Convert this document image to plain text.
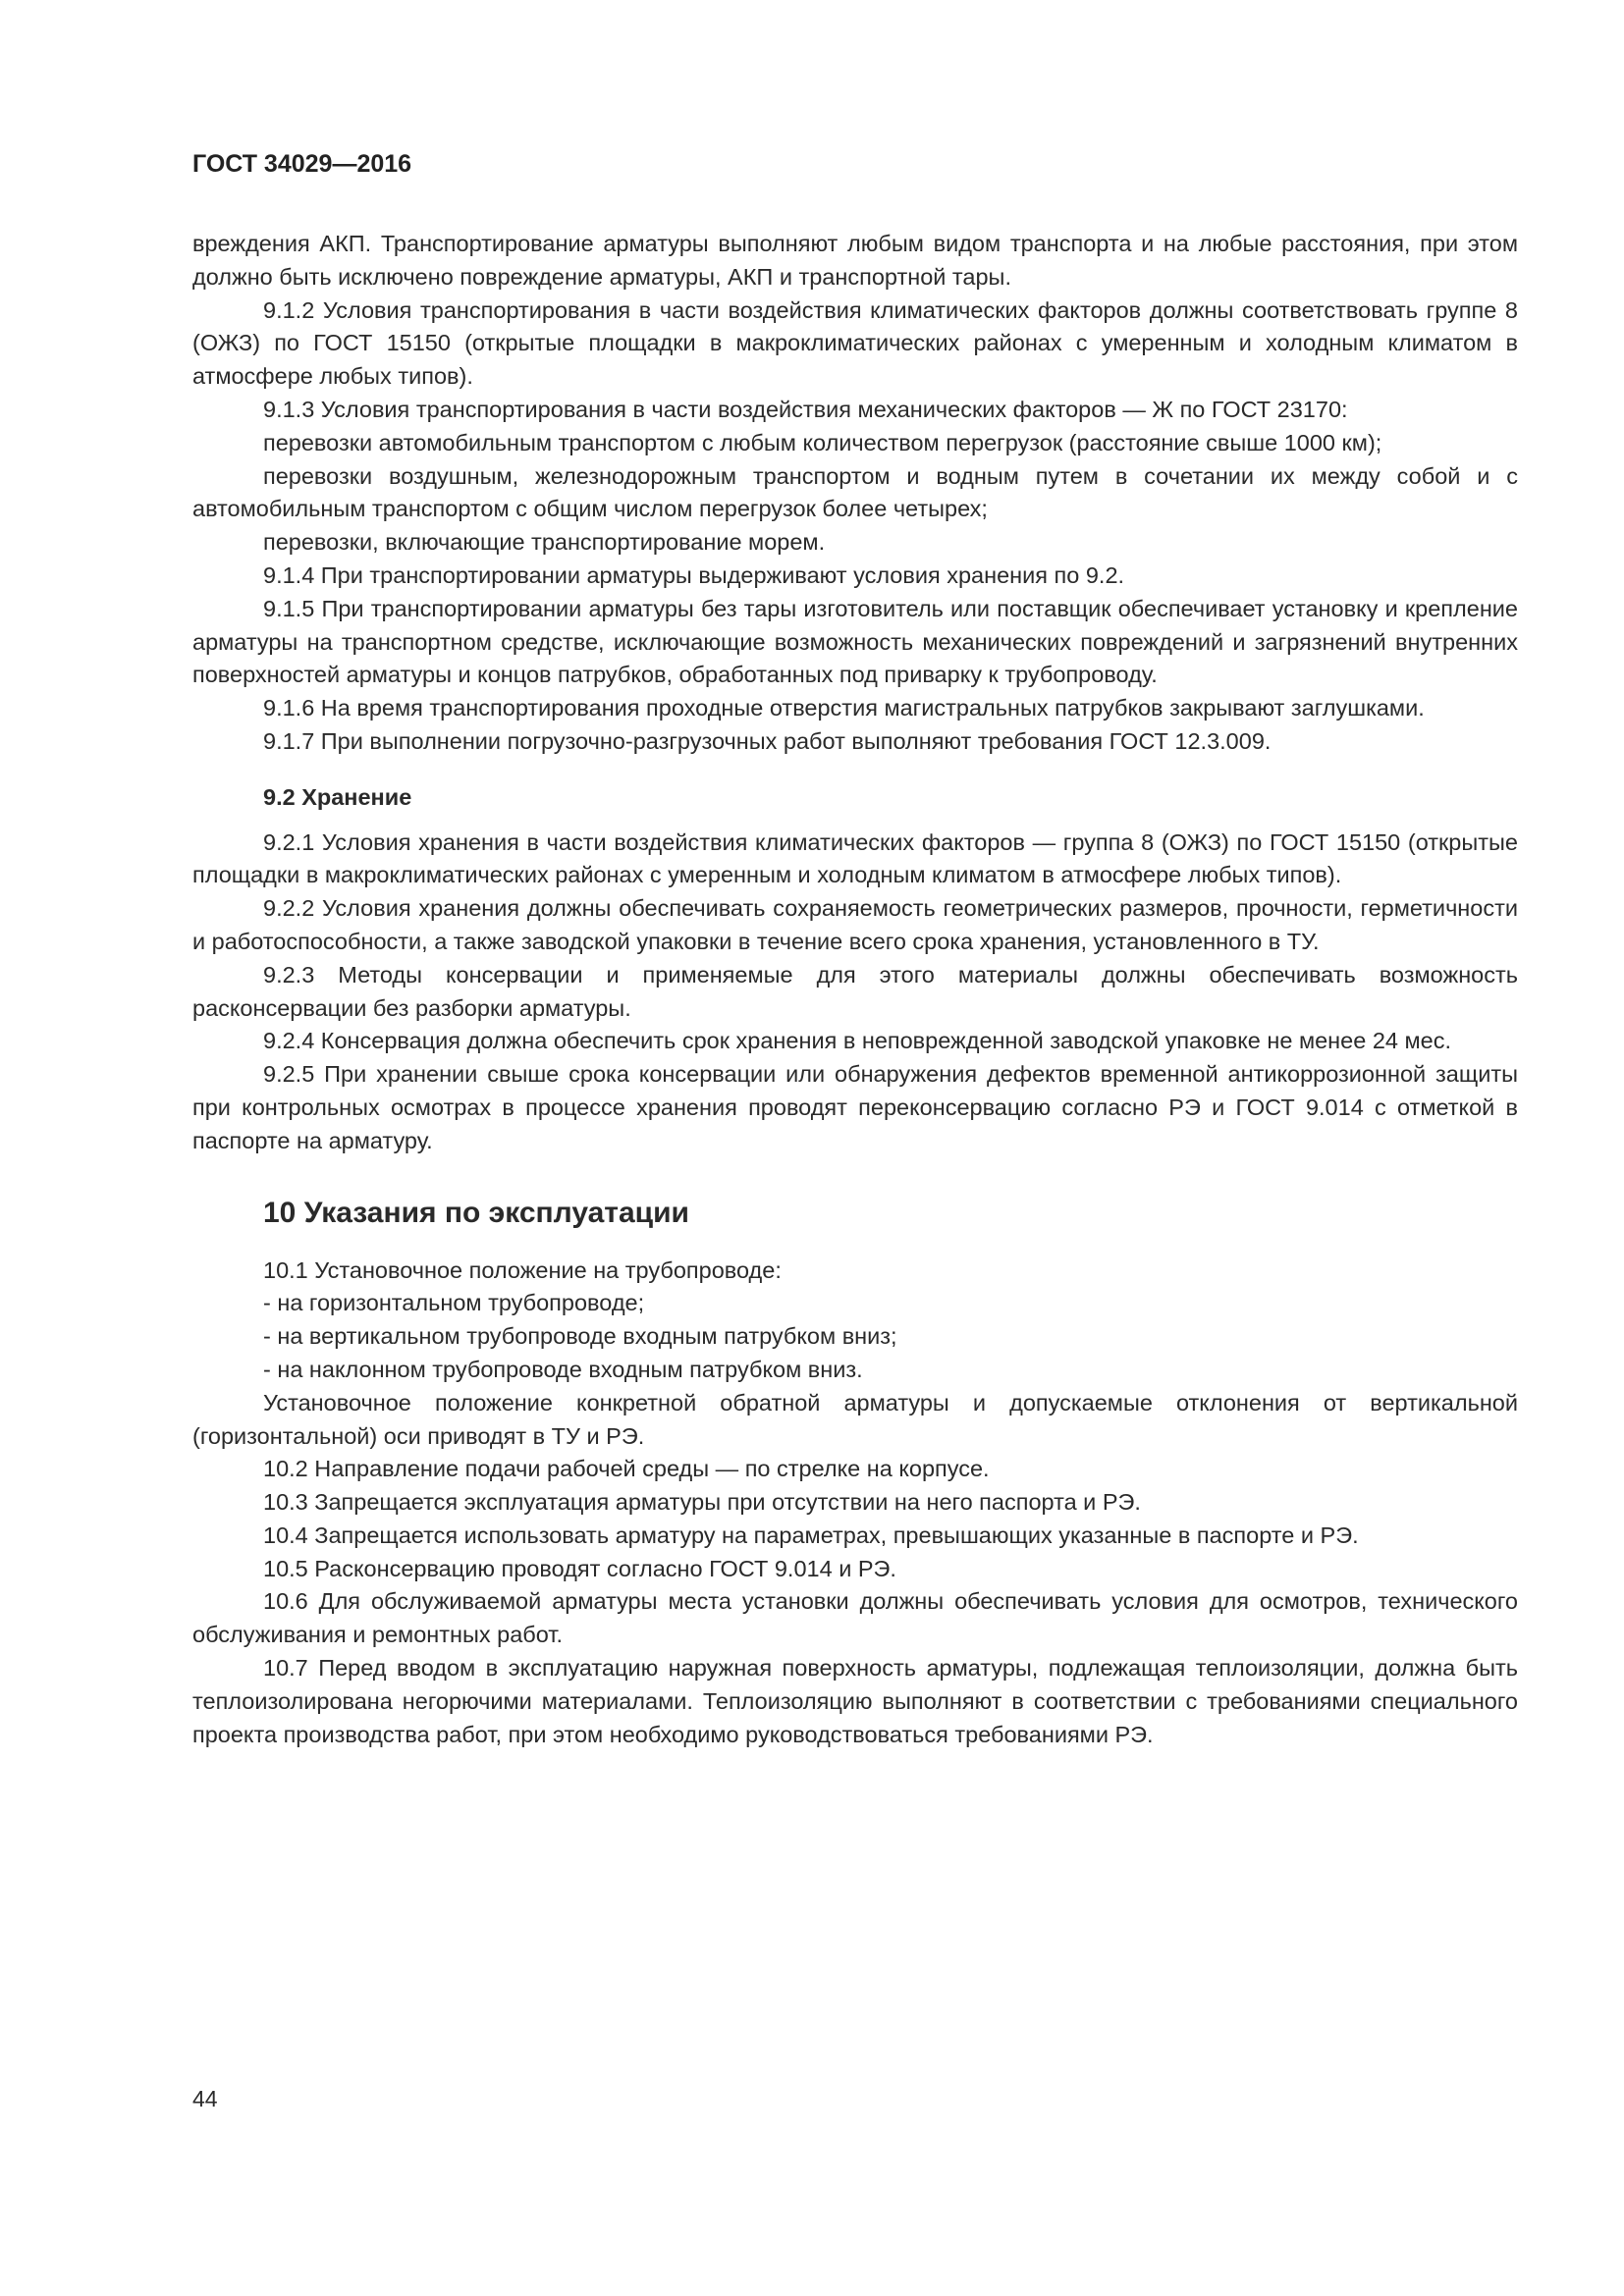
ГОСТ 34029—2016

вреждения АКП. Транспортирование арматуры выполняют любым видом транспорта и на любые расстояния, при этом должно быть исключено повреждение арматуры, АКП и транспортной тары.

9.1.2 Условия транспортирования в части воздействия климатических факторов должны соответствовать группе 8 (ОЖЗ) по ГОСТ 15150 (открытые площадки в макроклиматических районах с умеренным и холодным климатом в атмосфере любых типов).

9.1.3 Условия транспортирования в части воздействия механических факторов — Ж по ГОСТ 23170:

перевозки автомобильным транспортом с любым количеством перегрузок (расстояние свыше 1000 км);

перевозки воздушным, железнодорожным транспортом и водным путем в сочетании их между собой и с автомобильным транспортом с общим числом перегрузок более четырех;

перевозки, включающие транспортирование морем.

9.1.4 При транспортировании арматуры выдерживают условия хранения по 9.2.

9.1.5 При транспортировании арматуры без тары изготовитель или поставщик обеспечивает установку и крепление арматуры на транспортном средстве, исключающие возможность механических повреждений и загрязнений внутренних поверхностей арматуры и концов патрубков, обработанных под приварку к трубопроводу.

9.1.6 На время транспортирования проходные отверстия магистральных патрубков закрывают заглушками.

9.1.7 При выполнении погрузочно-разгрузочных работ выполняют требования ГОСТ 12.3.009.

9.2 Хранение

9.2.1 Условия хранения в части воздействия климатических факторов — группа 8 (ОЖЗ) по ГОСТ 15150 (открытые площадки в макроклиматических районах с умеренным и холодным климатом в атмосфере любых типов).

9.2.2 Условия хранения должны обеспечивать сохраняемость геометрических размеров, прочности, герметичности и работоспособности, а также заводской упаковки в течение всего срока хранения, установленного в ТУ.

9.2.3 Методы консервации и применяемые для этого материалы должны обеспечивать возможность расконсервации без разборки арматуры.

9.2.4 Консервация должна обеспечить срок хранения в неповрежденной заводской упаковке не менее 24 мес.

9.2.5 При хранении свыше срока консервации или обнаружения дефектов временной антикоррозионной защиты при контрольных осмотрах в процессе хранения проводят переконсервацию согласно РЭ и ГОСТ 9.014 с отметкой в паспорте на арматуру.

10 Указания по эксплуатации

10.1 Установочное положение на трубопроводе:

- на горизонтальном трубопроводе;

- на вертикальном трубопроводе входным патрубком вниз;

- на наклонном трубопроводе входным патрубком вниз.

Установочное положение конкретной обратной арматуры и допускаемые отклонения от вертикальной (горизонтальной) оси приводят в ТУ и РЭ.

10.2 Направление подачи рабочей среды — по стрелке на корпусе.

10.3 Запрещается эксплуатация арматуры при отсутствии на него паспорта и РЭ.

10.4 Запрещается использовать арматуру на параметрах, превышающих указанные в паспорте и РЭ.

10.5 Расконсервацию проводят согласно ГОСТ 9.014 и РЭ.

10.6 Для обслуживаемой арматуры места установки должны обеспечивать условия для осмотров, технического обслуживания и ремонтных работ.

10.7 Перед вводом в эксплуатацию наружная поверхность арматуры, подлежащая теплоизоляции, должна быть теплоизолирована негорючими материалами. Теплоизоляцию выполняют в соответствии с требованиями специального проекта производства работ, при этом необходимо руководствоваться требованиями РЭ.

44
